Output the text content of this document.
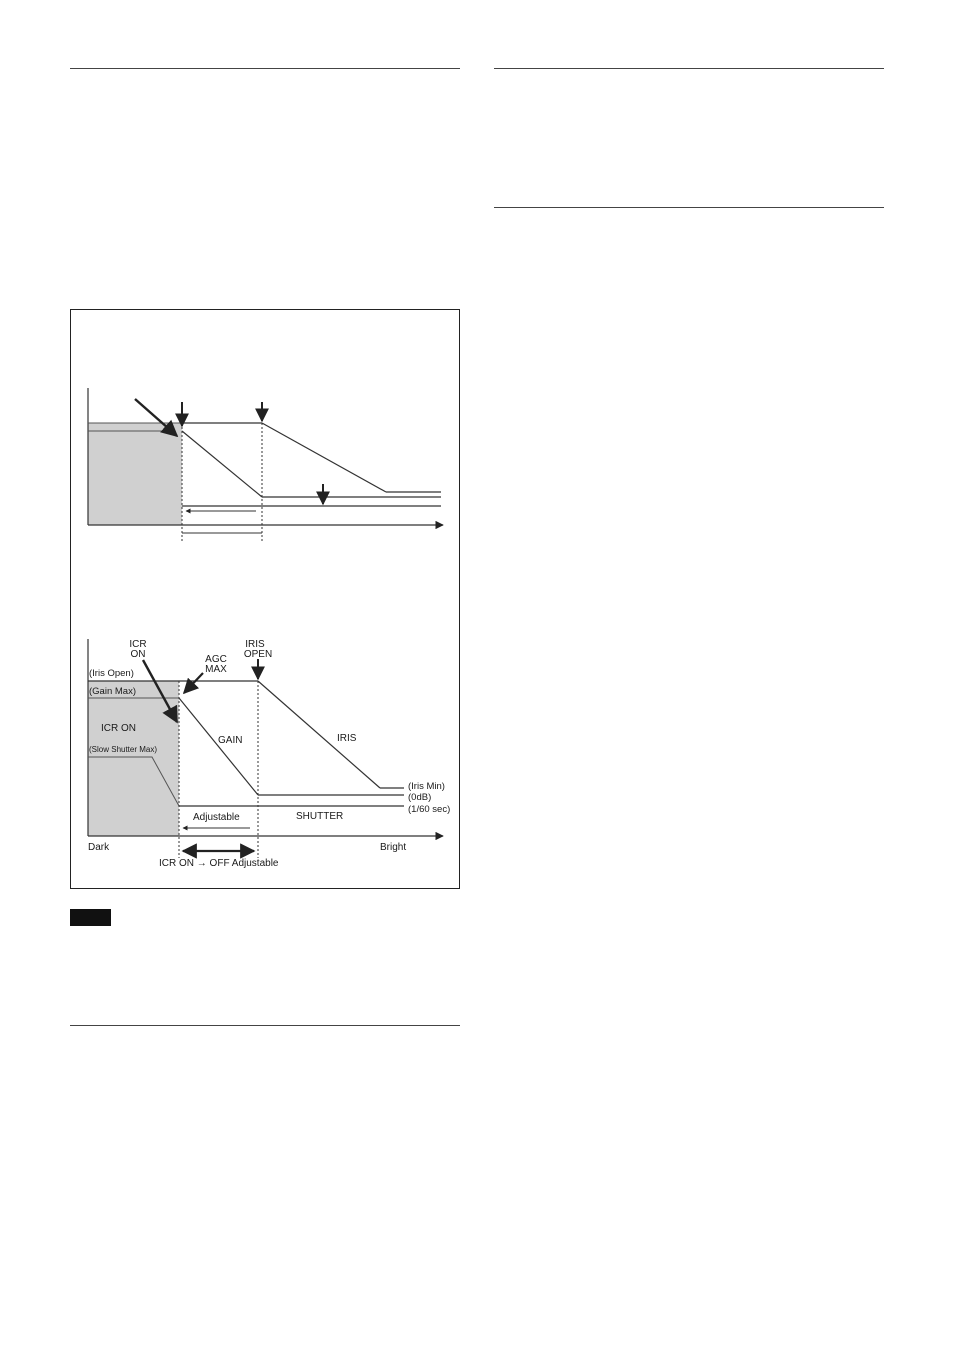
ICR
ON	AGC
MAX
IRIS
OPEN
(Iris Open)
(Gain Max)
ICR ON
(Slow Shutter Max)
GAIN	IRIS
(Iris Min)
(0dB)
(1/60 sec)
Adjustable	SHUTTER
Dark	Bright
ICR ON → OFF Adjustable
